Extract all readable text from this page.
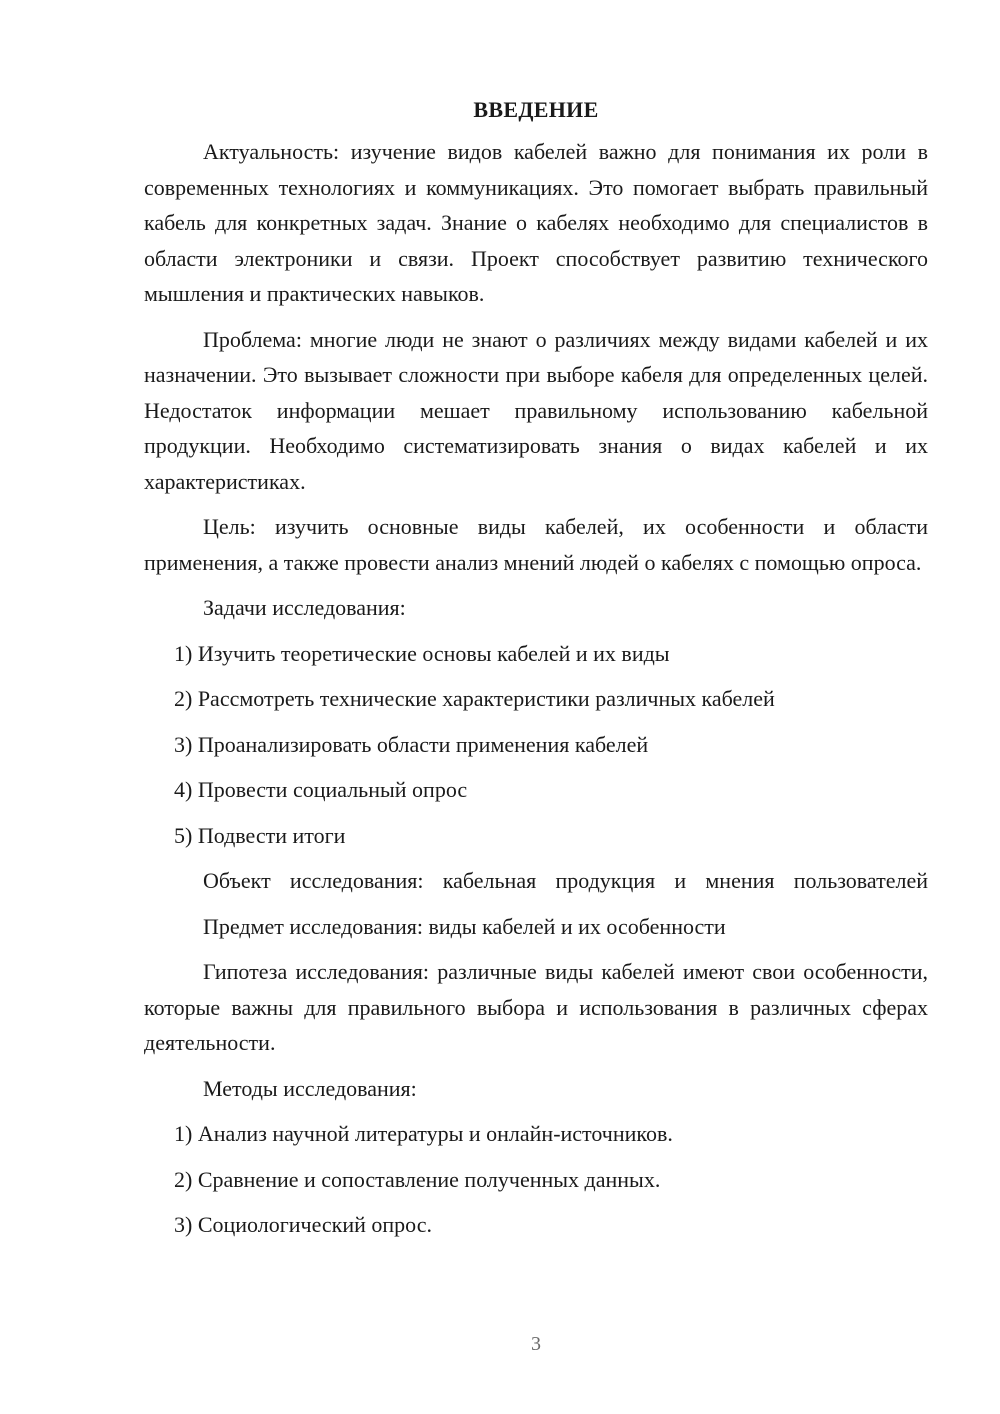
ВВЕДЕНИЕ

Актуальность: изучение видов кабелей важно для понимания их роли в современных технологиях и коммуникациях. Это помогает выбрать правильный кабель для конкретных задач. Знание о кабелях необходимо для специалистов в области электроники и связи. Проект способствует развитию технического мышления и практических навыков.

Проблема: многие люди не знают о различиях между видами кабелей и их назначении. Это вызывает сложности при выборе кабеля для определенных целей. Недостаток информации мешает правильному использованию кабельной продукции. Необходимо систематизировать знания о видах кабелей и их характеристиках.

Цель: изучить основные виды кабелей, их особенности и области применения, а также провести анализ мнений людей о кабелях с помощью опроса.

Задачи исследования:

1) Изучить теоретические основы кабелей и их виды

2) Рассмотреть технические характеристики различных кабелей

3) Проанализировать области применения кабелей

4) Провести социальный опрос

5) Подвести итоги

Объект исследования: кабельная продукция и мнения пользователей

Предмет исследования: виды кабелей и их особенности

Гипотеза исследования: различные виды кабелей имеют свои особенности, которые важны для правильного выбора и использования в различных сферах деятельности.

Методы исследования:

1) Анализ научной литературы и онлайн-источников.

2) Сравнение и сопоставление полученных данных.

3) Социологический опрос.

3
